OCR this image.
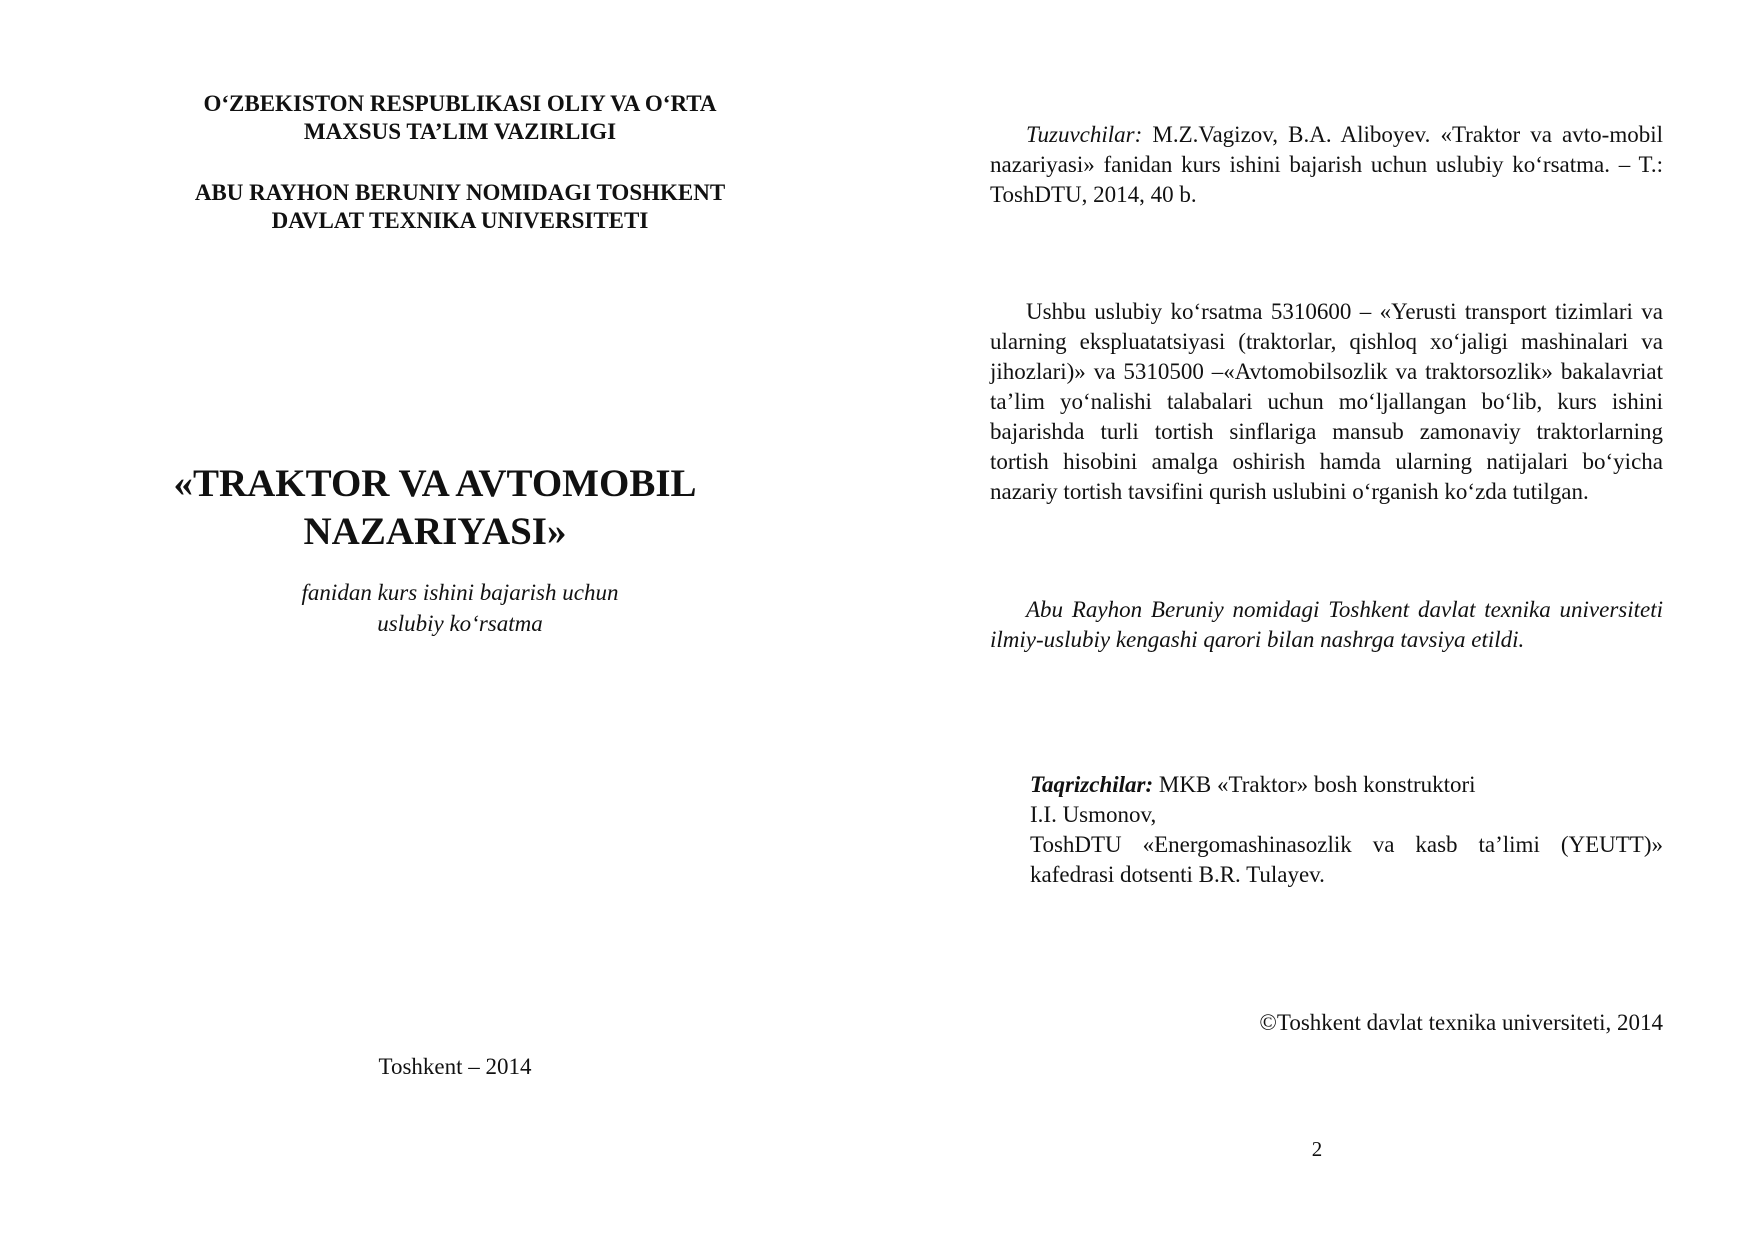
O‘ZBEKISTON RESPUBLIKASI OLIY VA O‘RTA
MAXSUS TA’LIM VAZIRLIGI
ABU RAYHON BERUNIY NOMIDAGI TOSHKENT
DAVLAT TEXNIKA UNIVERSITETI
«TRAKTOR VA AVTOMOBIL
NAZARIYASI»
fanidan kurs ishini bajarish uchun
uslubiy ko‘rsatma
Toshkent – 2014

Tuzuvchilar: M.Z.Vagizov, B.A. Aliboyev. «Traktor va avto-mobil nazariyasi» fanidan kurs ishini bajarish uchun uslubiy ko‘rsatma. – T.: ToshDTU, 2014, 40 b.

Ushbu uslubiy ko‘rsatma 5310600 – «Yerusti transport tizimlari va ularning ekspluatatsiyasi (traktorlar, qishloq xo‘jaligi mashinalari va jihozlari)» va 5310500 –«Avtomobilsozlik va traktorsozlik» bakalavriat ta’lim yo‘nalishi talabalari uchun mo‘ljallangan bo‘lib, kurs ishini bajarishda turli tortish sinflariga mansub zamonaviy traktorlarning tortish hisobini amalga oshirish hamda ularning natijalari bo‘yicha nazariy tortish tavsifini qurish uslubini o‘rganish ko‘zda tutilgan.

Abu Rayhon Beruniy nomidagi Toshkent davlat texnika universiteti ilmiy-uslubiy kengashi qarori bilan nashrga tavsiya etildi.

Taqrizchilar: MKB «Traktor» bosh konstruktori
I.I. Usmonov,
ToshDTU «Energomashinasozlik va kasb ta’limi (YEUTT)»
kafedrasi dotsenti B.R. Tulayev.
©Toshkent davlat texnika universiteti, 2014
2
